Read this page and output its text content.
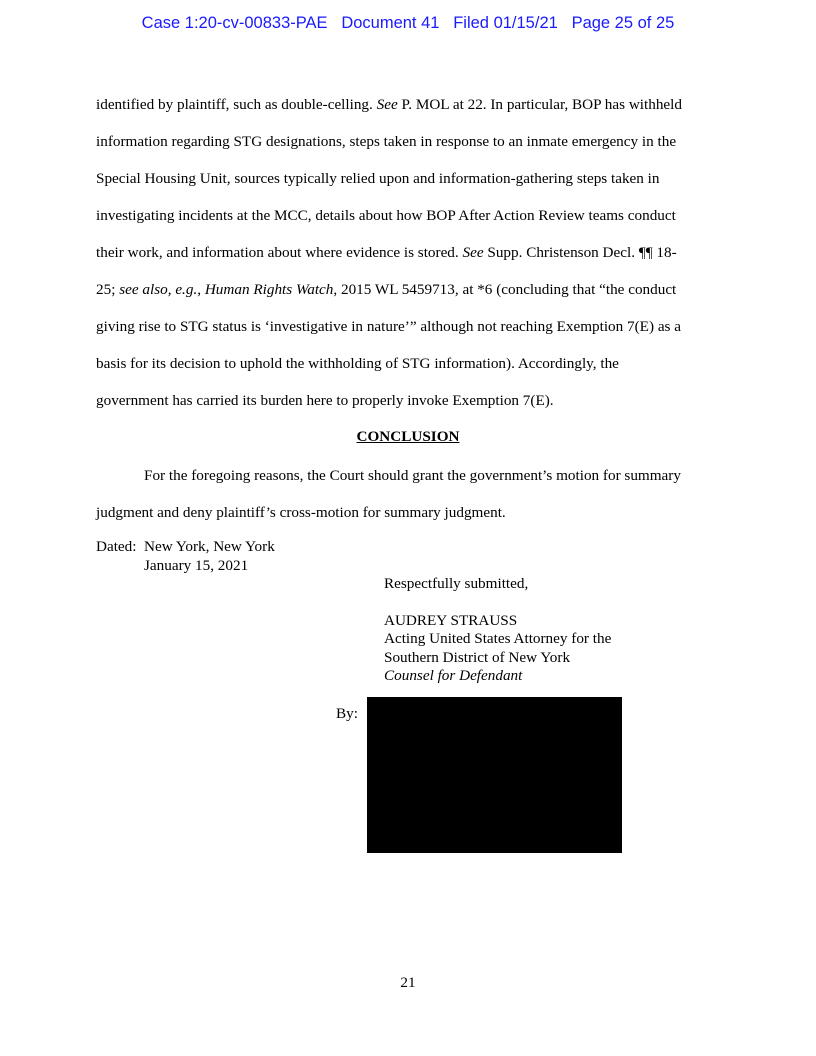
Case 1:20-cv-00833-PAE Document 41 Filed 01/15/21 Page 25 of 25
identified by plaintiff, such as double-celling. See P. MOL at 22. In particular, BOP has withheld
information regarding STG designations, steps taken in response to an inmate emergency in the
Special Housing Unit, sources typically relied upon and information-gathering steps taken in
investigating incidents at the MCC, details about how BOP After Action Review teams conduct
their work, and information about where evidence is stored. See Supp. Christenson Decl. ¶¶ 18-
25; see also, e.g., Human Rights Watch, 2015 WL 5459713, at *6 (concluding that “the conduct
giving rise to STG status is ‘investigative in nature’” although not reaching Exemption 7(E) as a
basis for its decision to uphold the withholding of STG information). Accordingly, the
government has carried its burden here to properly invoke Exemption 7(E).
CONCLUSION
For the foregoing reasons, the Court should grant the government’s motion for summary
judgment and deny plaintiff’s cross-motion for summary judgment.
Dated: New York, New York
January 15, 2021
Respectfully submitted,
AUDREY STRAUSS
Acting United States Attorney for the
Southern District of New York
Counsel for Defendant
By:
21
